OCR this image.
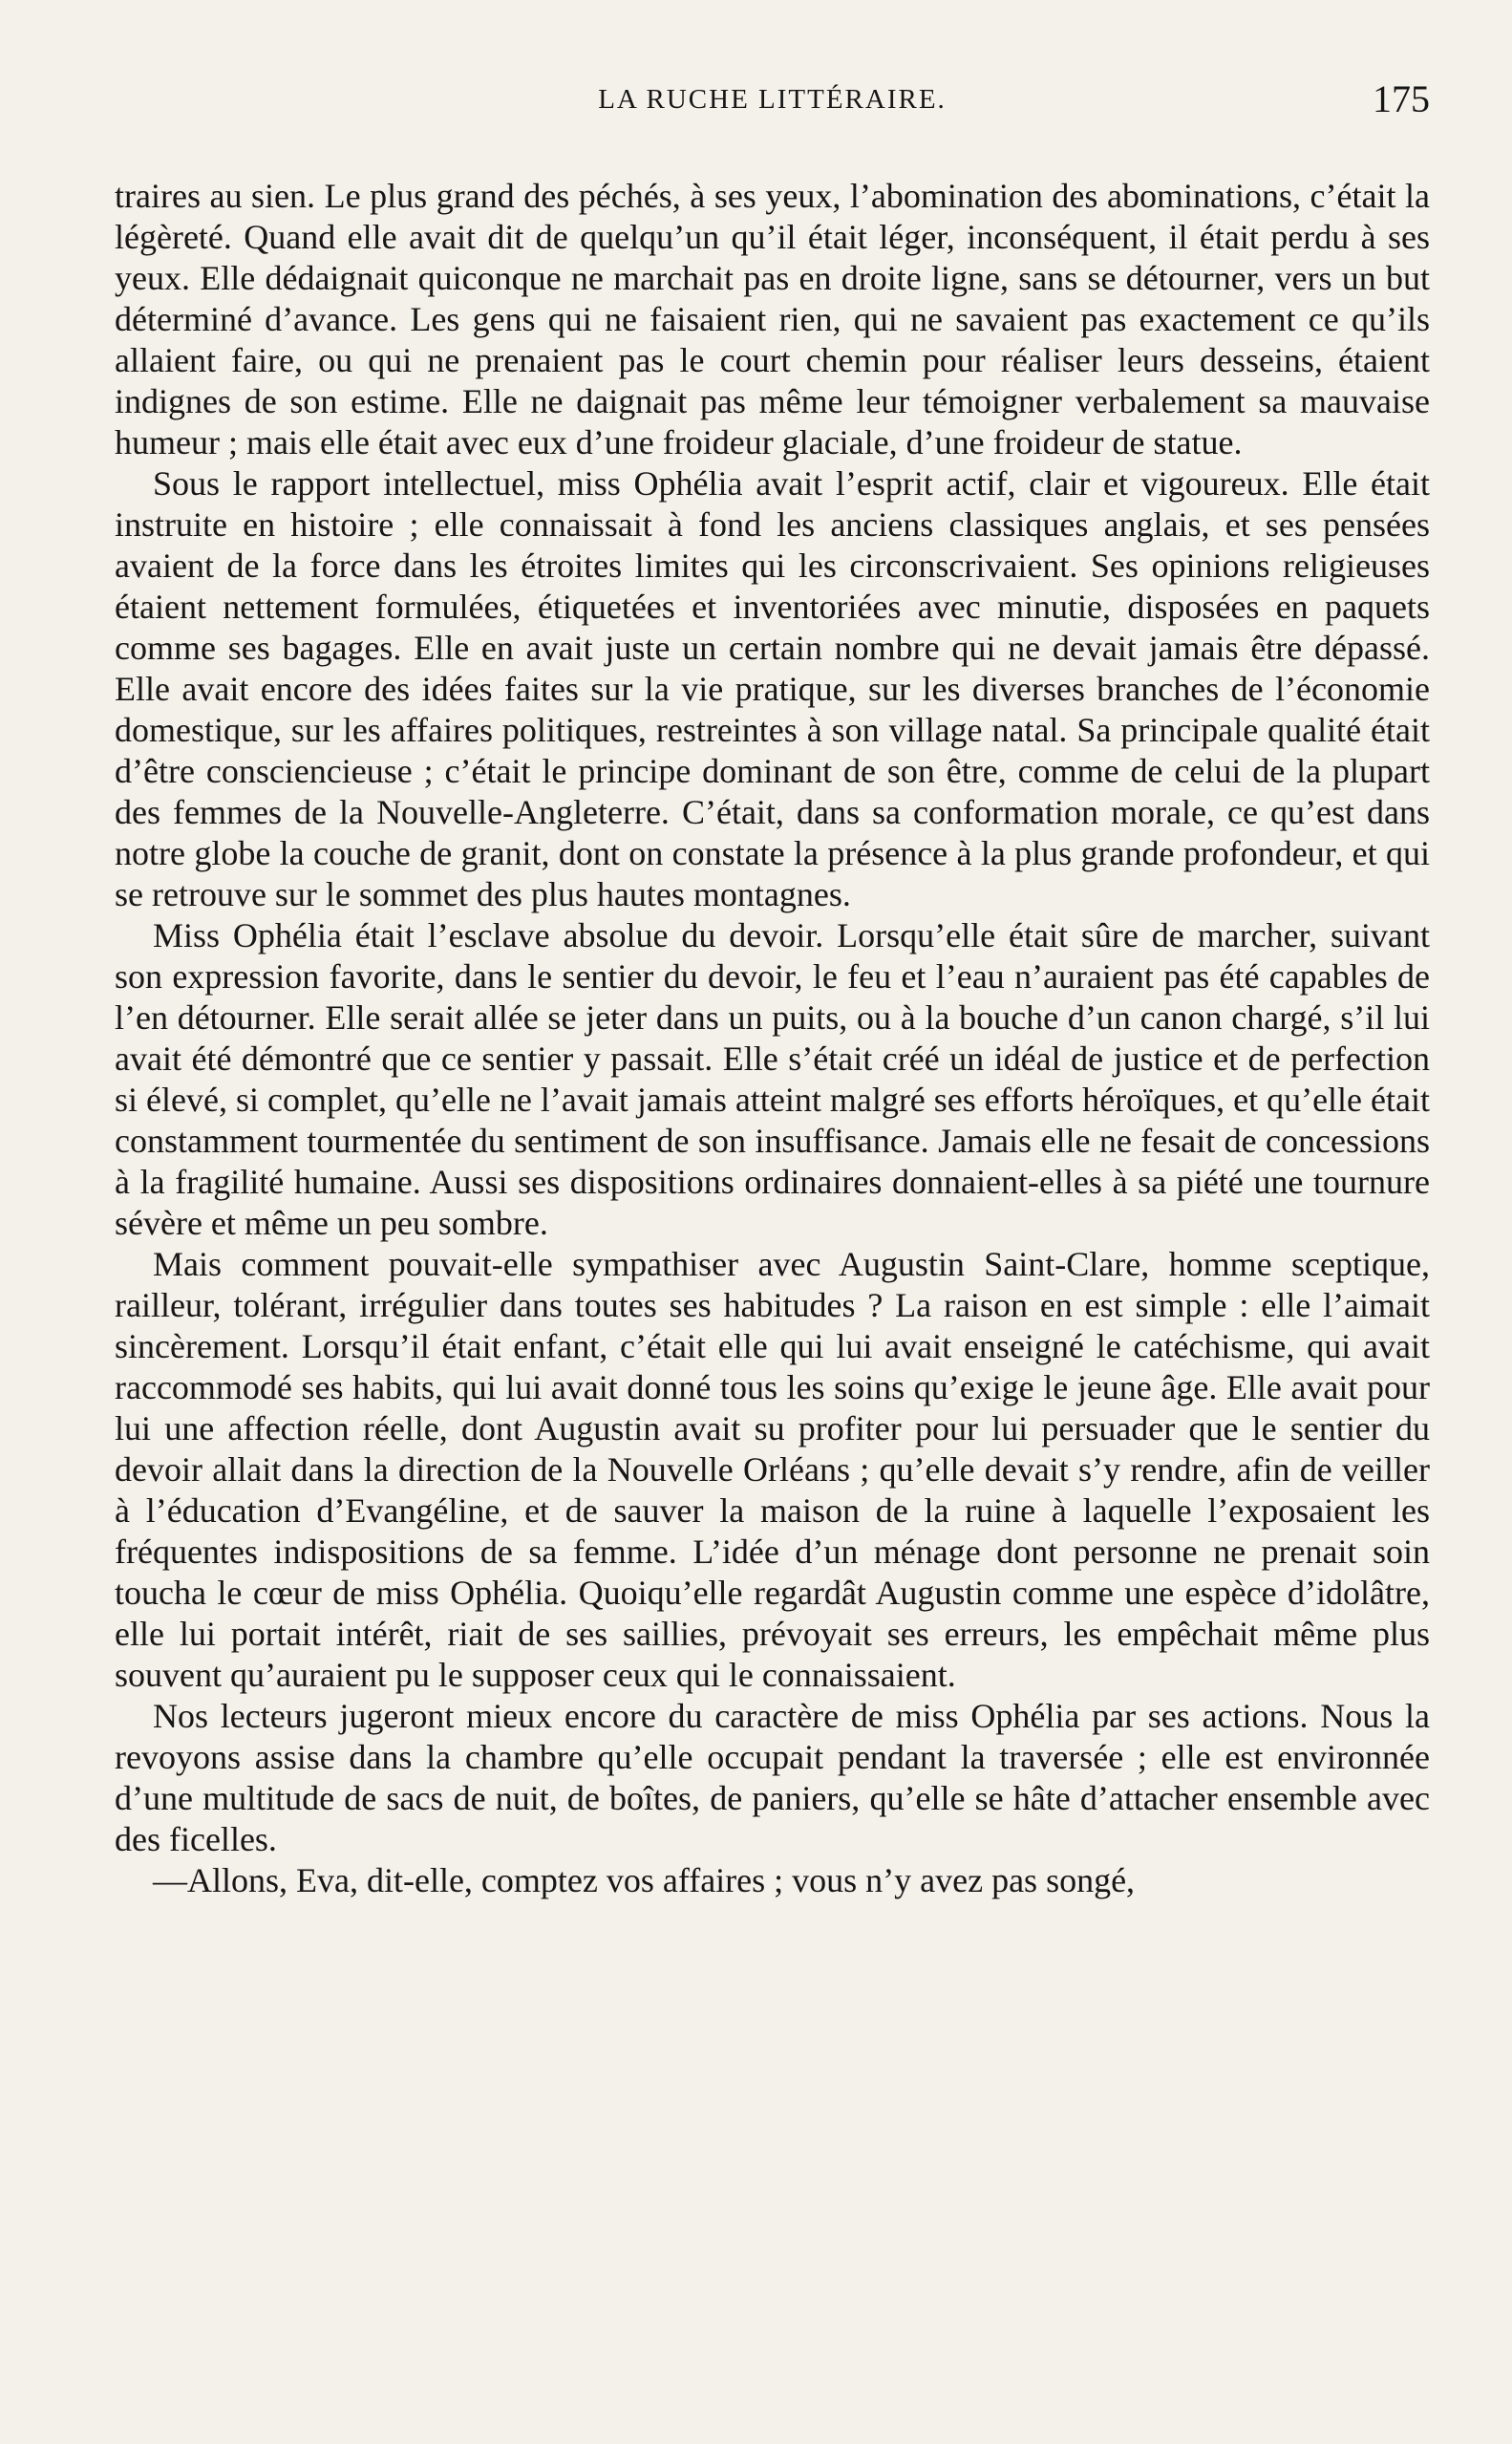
LA RUCHE LITTÉRAIRE.	175

traires au sien. Le plus grand des péchés, à ses yeux, l’abomination des abominations, c’était la légèreté. Quand elle avait dit de quelqu’un qu’il était léger, inconséquent, il était perdu à ses yeux. Elle dédaignait quiconque ne marchait pas en droite ligne, sans se détourner, vers un but déterminé d’avance. Les gens qui ne faisaient rien, qui ne savaient pas exactement ce qu’ils allaient faire, ou qui ne prenaient pas le court chemin pour réaliser leurs desseins, étaient indignes de son estime. Elle ne daignait pas même leur témoigner verbalement sa mauvaise humeur ; mais elle était avec eux d’une froideur glaciale, d’une froideur de statue.

Sous le rapport intellectuel, miss Ophélia avait l’esprit actif, clair et vigoureux. Elle était instruite en histoire ; elle connaissait à fond les anciens classiques anglais, et ses pensées avaient de la force dans les étroites limites qui les circonscrivaient. Ses opinions religieuses étaient nettement formulées, étiquetées et inventoriées avec minutie, disposées en paquets comme ses bagages. Elle en avait juste un certain nombre qui ne devait jamais être dépassé. Elle avait encore des idées faites sur la vie pratique, sur les diverses branches de l’économie domestique, sur les affaires politiques, restreintes à son village natal. Sa principale qualité était d’être consciencieuse ; c’était le principe dominant de son être, comme de celui de la plupart des femmes de la Nouvelle-Angleterre. C’était, dans sa conformation morale, ce qu’est dans notre globe la couche de granit, dont on constate la présence à la plus grande profondeur, et qui se retrouve sur le sommet des plus hautes montagnes.

Miss Ophélia était l’esclave absolue du devoir. Lorsqu’elle était sûre de marcher, suivant son expression favorite, dans le sentier du devoir, le feu et l’eau n’auraient pas été capables de l’en détourner. Elle serait allée se jeter dans un puits, ou à la bouche d’un canon chargé, s’il lui avait été démontré que ce sentier y passait. Elle s’était créé un idéal de justice et de perfection si élevé, si complet, qu’elle ne l’avait jamais atteint malgré ses efforts héroïques, et qu’elle était constamment tourmentée du sentiment de son insuffisance. Jamais elle ne fesait de concessions à la fragilité humaine. Aussi ses dispositions ordinaires donnaient-elles à sa piété une tournure sévère et même un peu sombre.

Mais comment pouvait-elle sympathiser avec Augustin Saint-Clare, homme sceptique, railleur, tolérant, irrégulier dans toutes ses habitudes ? La raison en est simple : elle l’aimait sincèrement. Lorsqu’il était enfant, c’était elle qui lui avait enseigné le catéchisme, qui avait raccommodé ses habits, qui lui avait donné tous les soins qu’exige le jeune âge. Elle avait pour lui une affection réelle, dont Augustin avait su profiter pour lui persuader que le sentier du devoir allait dans la direction de la Nouvelle Orléans ; qu’elle devait s’y rendre, afin de veiller à l’éducation d’Evangéline, et de sauver la maison de la ruine à laquelle l’exposaient les fréquentes indispositions de sa femme. L’idée d’un ménage dont personne ne prenait soin toucha le cœur de miss Ophélia. Quoiqu’elle regardât Augustin comme une espèce d’idolâtre, elle lui portait intérêt, riait de ses saillies, prévoyait ses erreurs, les empêchait même plus souvent qu’auraient pu le supposer ceux qui le connaissaient.

Nos lecteurs jugeront mieux encore du caractère de miss Ophélia par ses actions. Nous la revoyons assise dans la chambre qu’elle occupait pendant la traversée ; elle est environnée d’une multitude de sacs de nuit, de boîtes, de paniers, qu’elle se hâte d’attacher ensemble avec des ficelles.

—Allons, Eva, dit-elle, comptez vos affaires ; vous n’y avez pas songé,
